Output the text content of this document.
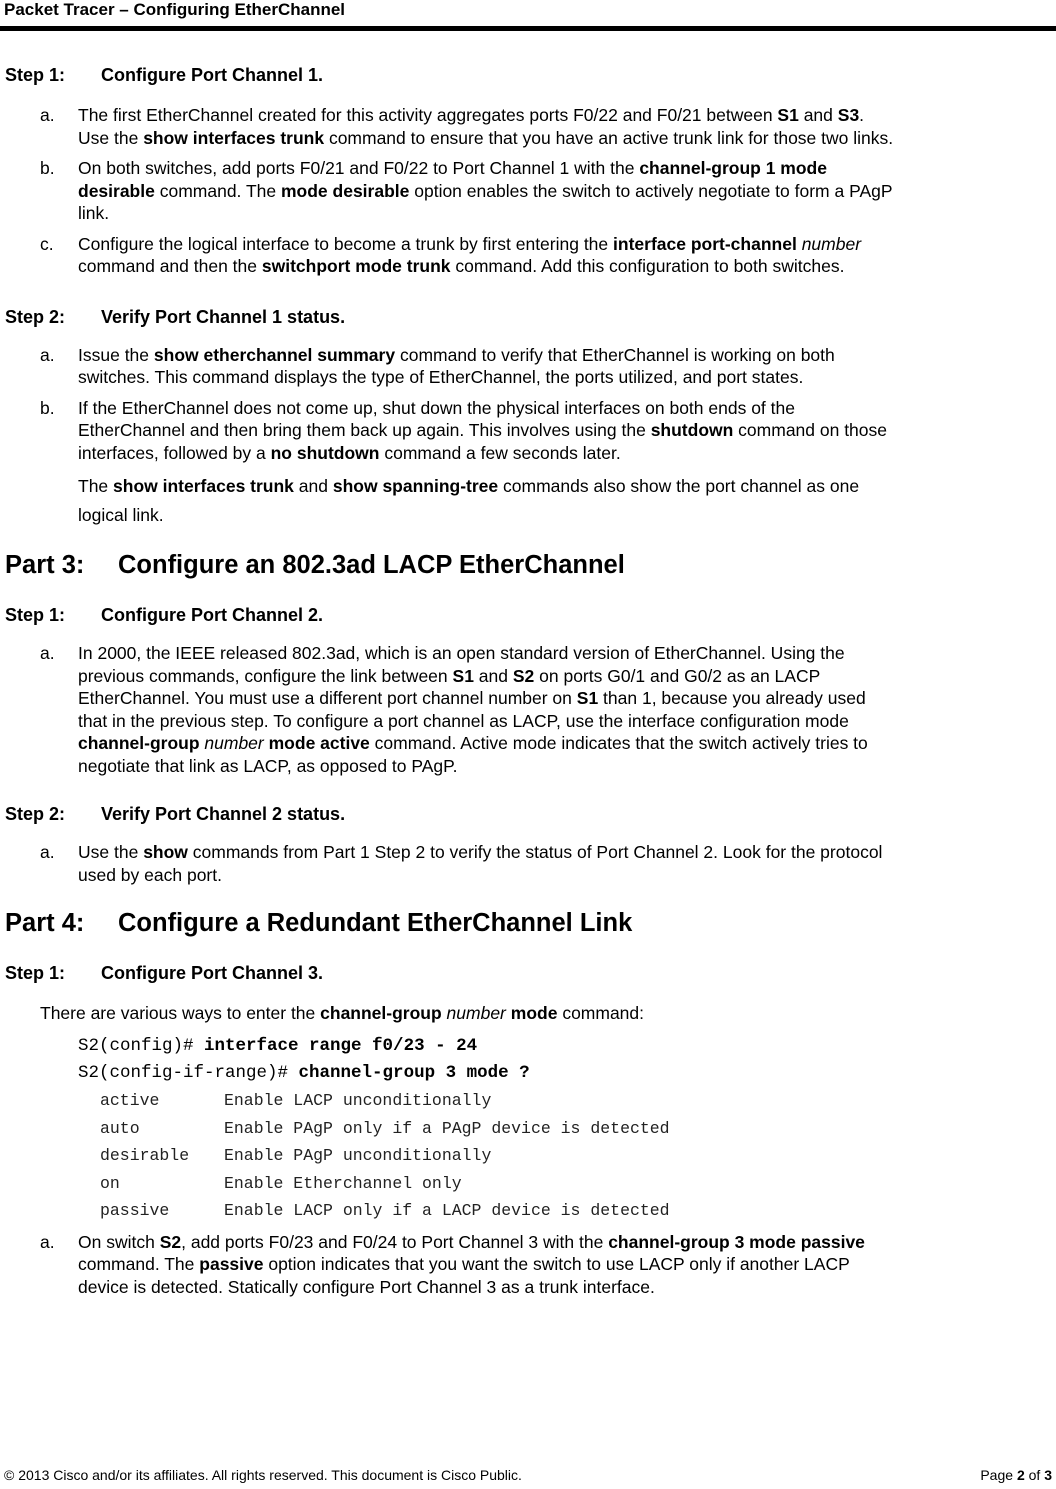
Packet Tracer – Configuring EtherChannel
Step 1:	Configure Port Channel 1.
a.	The first EtherChannel created for this activity aggregates ports F0/22 and F0/21 between S1 and S3.
Use the show interfaces trunk command to ensure that you have an active trunk link for those two links.
b.	On both switches, add ports F0/21 and F0/22 to Port Channel 1 with the channel-group 1 mode
desirable command. The mode desirable option enables the switch to actively negotiate to form a PAgP
link.
c.	Configure the logical interface to become a trunk by first entering the interface port-channel number
command and then the switchport mode trunk command. Add this configuration to both switches.
Step 2:	Verify Port Channel 1 status.
a.	Issue the show etherchannel summary command to verify that EtherChannel is working on both
switches. This command displays the type of EtherChannel, the ports utilized, and port states.
b.	If the EtherChannel does not come up, shut down the physical interfaces on both ends of the
EtherChannel and then bring them back up again. This involves using the shutdown command on those
interfaces, followed by a no shutdown command a few seconds later.
The show interfaces trunk and show spanning-tree commands also show the port channel as one
logical link.
Part 3:	Configure an 802.3ad LACP EtherChannel
Step 1:	Configure Port Channel 2.
a.	In 2000, the IEEE released 802.3ad, which is an open standard version of EtherChannel. Using the
previous commands, configure the link between S1 and S2 on ports G0/1 and G0/2 as an LACP
EtherChannel. You must use a different port channel number on S1 than 1, because you already used
that in the previous step. To configure a port channel as LACP, use the interface configuration mode
channel-group number mode active command. Active mode indicates that the switch actively tries to
negotiate that link as LACP, as opposed to PAgP.
Step 2:	Verify Port Channel 2 status.
a.	Use the show commands from Part 1 Step 2 to verify the status of Port Channel 2. Look for the protocol
used by each port.
Part 4:	Configure a Redundant EtherChannel Link
Step 1:	Configure Port Channel 3.
There are various ways to enter the channel-group number mode command:
S2(config)# interface range f0/23 - 24
S2(config-if-range)# channel-group 3 mode ?
active	Enable LACP unconditionally
auto	Enable PAgP only if a PAgP device is detected
desirable Enable PAgP unconditionally
on	Enable Etherchannel only
passive	Enable LACP only if a LACP device is detected
a.	On switch S2, add ports F0/23 and F0/24 to Port Channel 3 with the channel-group 3 mode passive
command. The passive option indicates that you want the switch to use LACP only if another LACP
device is detected. Statically configure Port Channel 3 as a trunk interface.
© 2013 Cisco and/or its affiliates. All rights reserved. This document is Cisco Public.	Page 2 of 3
